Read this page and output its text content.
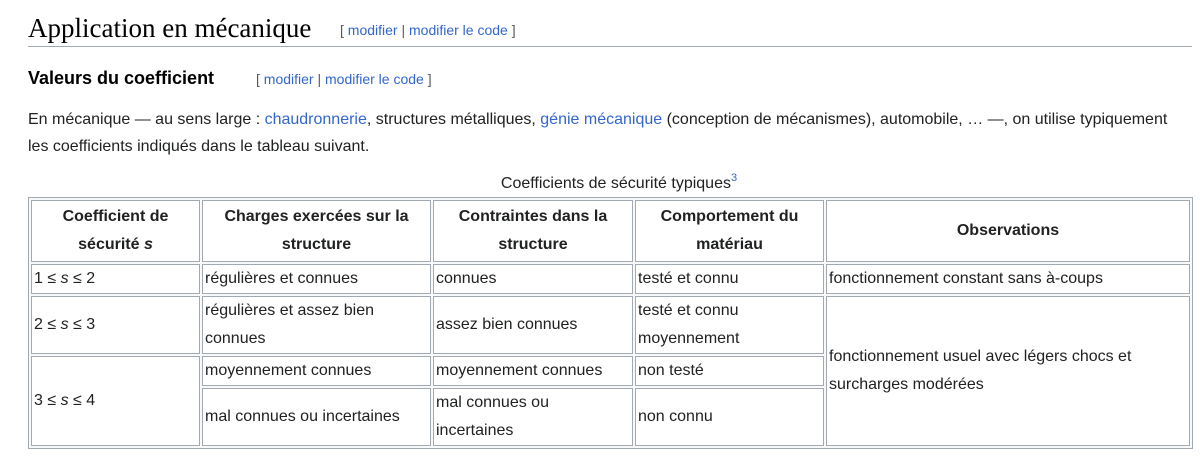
Application en mécanique [ modifier | modifier le code ]
Valeurs du coefficient	[ modifier | modifier le code ]
En mécanique — au sens large : chaudronnerie, structures métalliques, génie mécanique (conception de mécanismes), automobile, … —, on utilise typiquement les coefficients indiqués dans le tableau suivant.
Coefficients de sécurité typiques$^3$
Coefficient de sécurité s	Charges exercées sur la structure	Contraintes dans la structure	Comportement du matériau	Observations
1 ≤ s ≤ 2	régulières et connues	connues	testé et connu	fonctionnement constant sans à-coups
2 ≤ s ≤ 3	régulières et assez bien connues	assez bien connues	testé et connu moyennement	fonctionnement usuel avec légers chocs et surcharges modérées
3 ≤ s ≤ 4	moyennement connues	moyennement connues	non testé	
	mal connues ou incertaines	mal connues ou incertaines	non connu	
